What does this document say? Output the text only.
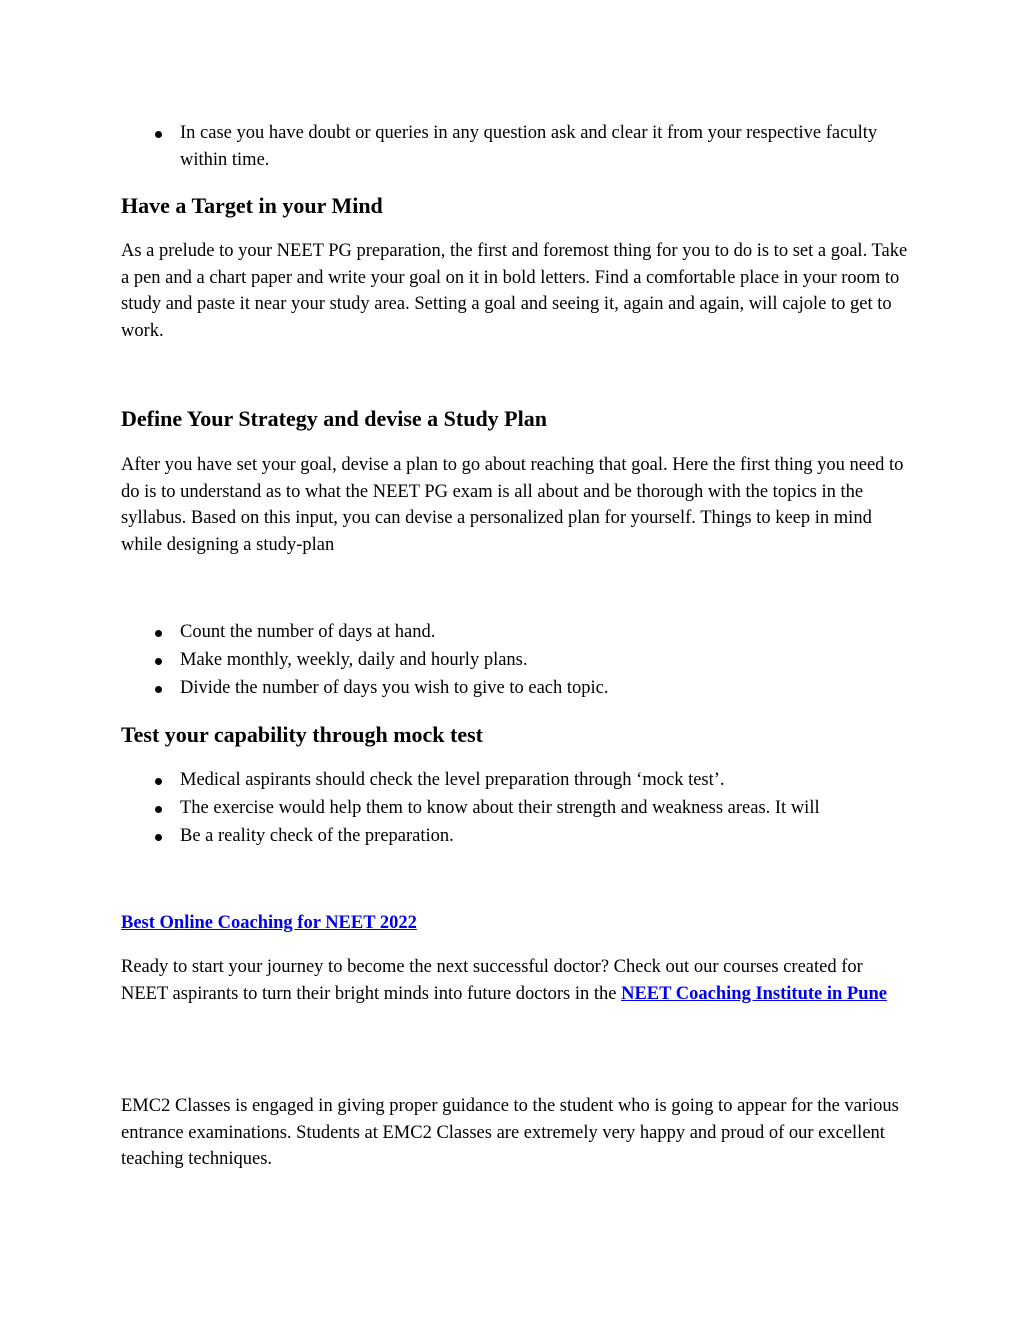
In case you have doubt or queries in any question ask and clear it from your respective faculty within time.
Have a Target in your Mind

As a prelude to your NEET PG preparation, the first and foremost thing for you to do is to set a goal. Take a pen and a chart paper and write your goal on it in bold letters. Find a comfortable place in your room to study and paste it near your study area. Setting a goal and seeing it, again and again, will cajole to get to work.

Define Your Strategy and devise a Study Plan

After you have set your goal, devise a plan to go about reaching that goal. Here the first thing you need to do is to understand as to what the NEET PG exam is all about and be thorough with the topics in the syllabus. Based on this input, you can devise a personalized plan for yourself. Things to keep in mind while designing a study-plan

Count the number of days at hand.
Make monthly, weekly, daily and hourly plans.
Divide the number of days you wish to give to each topic.
Test your capability through mock test
Medical aspirants should check the level preparation through ‘mock test’.
The exercise would help them to know about their strength and weakness areas. It will
Be a reality check of the preparation.

Best Online Coaching for NEET 2022

Ready to start your journey to become the next successful doctor? Check out our courses created for NEET aspirants to turn their bright minds into future doctors in the NEET Coaching Institute in Pune

EMC2 Classes is engaged in giving proper guidance to the student who is going to appear for the various entrance examinations. Students at EMC2 Classes are extremely very happy and proud of our excellent teaching techniques.
